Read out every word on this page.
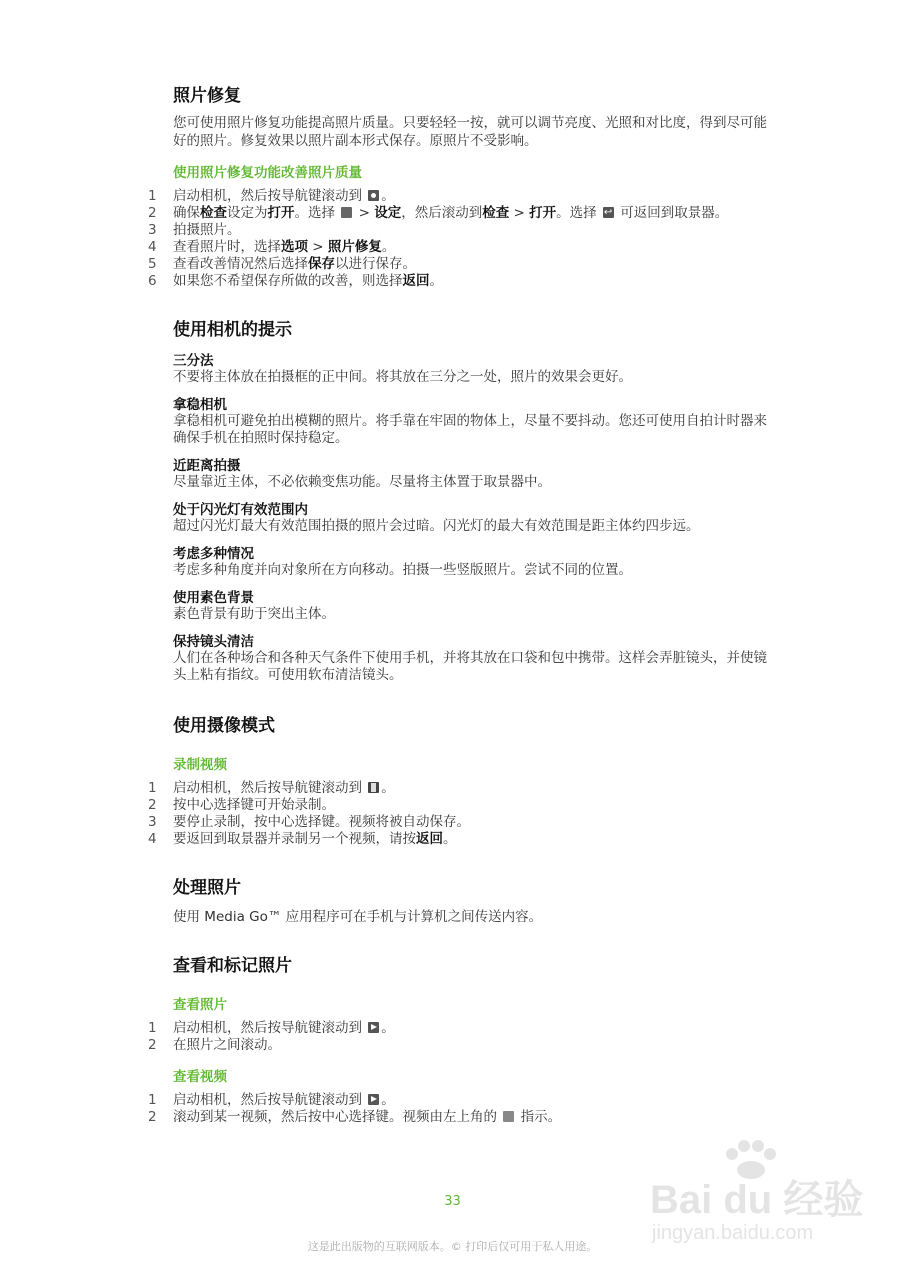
照片修复

您可使用照片修复功能提高照片质量。只要轻轻一按，就可以调节亮度、光照和对比度，得到尽可能好的照片。修复效果以照片副本形式保存。原照片不受影响。

使用照片修复功能改善照片质量
1 启动相机，然后按导航键滚动到 。
2 确保检查设定为打开。选择  > 设定，然后滚动到检查 > 打开。选择 ↩ 可返回到取景器。
3 拍摄照片。
4 查看照片时，选择选项 > 照片修复。
5 查看改善情况然后选择保存以进行保存。
6 如果您不希望保存所做的改善，则选择返回。
使用相机的提示
三分法
不要将主体放在拍摄框的正中间。将其放在三分之一处，照片的效果会更好。
拿稳相机
拿稳相机可避免拍出模糊的照片。将手靠在牢固的物体上，尽量不要抖动。您还可使用自拍计时器来确保手机在拍照时保持稳定。
近距离拍摄
尽量靠近主体，不必依赖变焦功能。尽量将主体置于取景器中。
处于闪光灯有效范围内
超过闪光灯最大有效范围拍摄的照片会过暗。闪光灯的最大有效范围是距主体约四步远。
考虑多种情况
考虑多种角度并向对象所在方向移动。拍摄一些竖版照片。尝试不同的位置。
使用素色背景
素色背景有助于突出主体。
保持镜头清洁
人们在各种场合和各种天气条件下使用手机，并将其放在口袋和包中携带。这样会弄脏镜头，并使镜头上粘有指纹。可使用软布清洁镜头。
使用摄像模式
录制视频
1 启动相机，然后按导航键滚动到 。
2 按中心选择键可开始录制。
3 要停止录制，按中心选择键。视频将被自动保存。
4 要返回到取景器并录制另一个视频，请按返回。
处理照片

使用 Media Go™ 应用程序可在手机与计算机之间传送内容。

查看和标记照片
查看照片
1 启动相机，然后按导航键滚动到 。
2 在照片之间滚动。
查看视频
1 启动相机，然后按导航键滚动到 。
2 滚动到某一视频，然后按中心选择键。视频由左上角的  指示。
33
这是此出版物的互联网版本。© 打印后仅可用于私人用途。
Bai du 经验
jingyan.baidu.com
